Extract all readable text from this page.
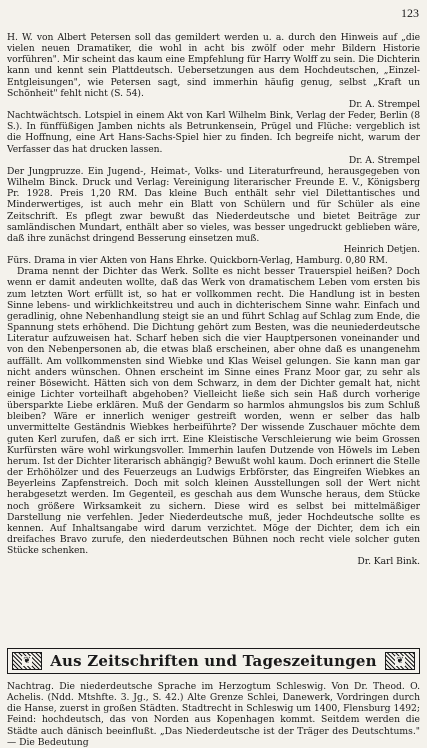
123

H. W. von Albert Petersen soll das gemildert werden u. a. durch den Hinweis auf „die vielen neuen Dramatiker, die wohl in acht bis zwölf oder mehr Bildern Historie vorführen". Mir scheint das kaum eine Empfehlung für Harry Wolff zu sein. Die Dichterin kann und kennt sein Plattdeutsch. Uebersetzungen aus dem Hochdeutschen, „Einzel-Entgleisungen", wie Petersen sagt, sind immerhin häufig genug, selbst „Kraft un Schönheit" fehlt nicht (S. 54).
Dr. A. Strempel

Nachtwächtsch. Lotspiel in einem Akt von Karl Wilhelm Bink, Verlag der Feder, Berlin (8 S.). In fünffüßigen Jamben nichts als Betrunkensein, Prügel und Flüche: vergeblich ist die Hoffnung, eine Art Hans-Sachs-Spiel hier zu finden. Ich begreife nicht, warum der Verfasser das hat drucken lassen.
Dr. A. Strempel

Der Jungpruzze. Ein Jugend-, Heimat-, Volks- und Literaturfreund, herausgegeben von Wilhelm Binck. Druck und Verlag: Vereinigung literarischer Freunde E. V., Königsberg Pr. 1928. Preis 1,20 RM. Das kleine Buch enthält sehr viel Dilettantisches und Minderwertiges, ist auch mehr ein Blatt von Schülern und für Schüler als eine Zeitschrift. Es pflegt zwar bewußt das Niederdeutsche und bietet Beiträge zur samländischen Mundart, enthält aber so vieles, was besser ungedruckt geblieben wäre, daß ihre zunächst dringend Besserung einsetzen muß.
Heinrich Detjen.

Fürs. Drama in vier Akten von Hans Ehrke. Quickborn-Verlag, Hamburg. 0,80 RM.

Drama nennt der Dichter das Werk. Sollte es nicht besser Trauerspiel heißen? Doch wenn er damit andeuten wollte, daß das Werk von dramatischem Leben vom ersten bis zum letzten Wort erfüllt ist, so hat er vollkommen recht. Die Handlung ist in besten Sinne lebens- und wirklichkeitstreu und auch in dichterischem Sinne wahr. Einfach und geradlinig, ohne Nebenhandlung steigt sie an und führt Schlag auf Schlag zum Ende, die Spannung stets erhöhend. Die Dichtung gehört zum Besten, was die neuniederdeutsche Literatur aufzuweisen hat. Scharf heben sich die vier Hauptpersonen voneinander und von den Nebenpersonen ab, die etwas blaß erscheinen, aber ohne daß es unangenehm auffällt. Am vollkommensten sind Wiebke und Klas Weisel gelungen. Sie kann man gar nicht anders wünschen. Ohnen erscheint im Sinne eines Franz Moor gar, zu sehr als reiner Bösewicht. Hätten sich von dem Schwarz, in dem der Dichter gemalt hat, nicht einige Lichter vorteilhaft abgehoben? Vielleicht ließe sich sein Haß durch vorherige übersparkte Liebe erklären. Muß der Gendarm so harmlos ahmungslos bis zum Schluß bleiben? Wäre er innerlich weniger gestreift worden, wenn er selber das halb unvermittelte Geständnis Wiebkes herbeiführte? Der wissende Zuschauer möchte dem guten Kerl zurufen, daß er sich irrt. Eine Kleistische Verschleierung wie beim Grossen Kurfürsten wäre wohl wirkungsvoller. Immerhin laufen Dutzende von Höwels im Leben herum. Ist der Dichter literarisch abhängig? Bewußt wohl kaum. Doch erinnert die Stelle der Erhöhölzer und des Feuerzeugs an Ludwigs Erbförster, das Eingreifen Wiebkes an Beyerleins Zapfenstreich. Doch mit solch kleinen Ausstellungen soll der Wert nicht herabgesetzt werden. Im Gegenteil, es geschah aus dem Wunsche heraus, dem Stücke noch größere Wirksamkeit zu sichern. Diese wird es selbst bei mittelmäßiger Darstellung nie verfehlen. Jeder Niederdeutsche muß, jeder Hochdeutsche sollte es kennen. Auf Inhaltsangabe wird darum verzichtet. Möge der Dichter, dem ich ein dreifaches Bravo zurufe, den niederdeutschen Bühnen noch recht viele solcher guten Stücke schenken.
Dr. Karl Bink.

❦ Aus Zeitschriften und Tageszeitungen ❦

Nachtrag. Die niederdeutsche Sprache im Herzogtum Schleswig. Von Dr. Theod. O. Achelis. (Ndd. Mtshfte. 3. Jg., S. 42.) Alte Grenze Schlei, Danewerk, Vordringen durch die Hanse, zuerst in großen Städten. Stadtrecht in Schleswig um 1400, Flensburg 1492; Feind: hochdeutsch, das von Norden aus Kopenhagen kommt. Seitdem werden die Städte auch dänisch beeinflußt. „Das Niederdeutsche ist der Träger des Deutschtums." — Die Bedeutung
